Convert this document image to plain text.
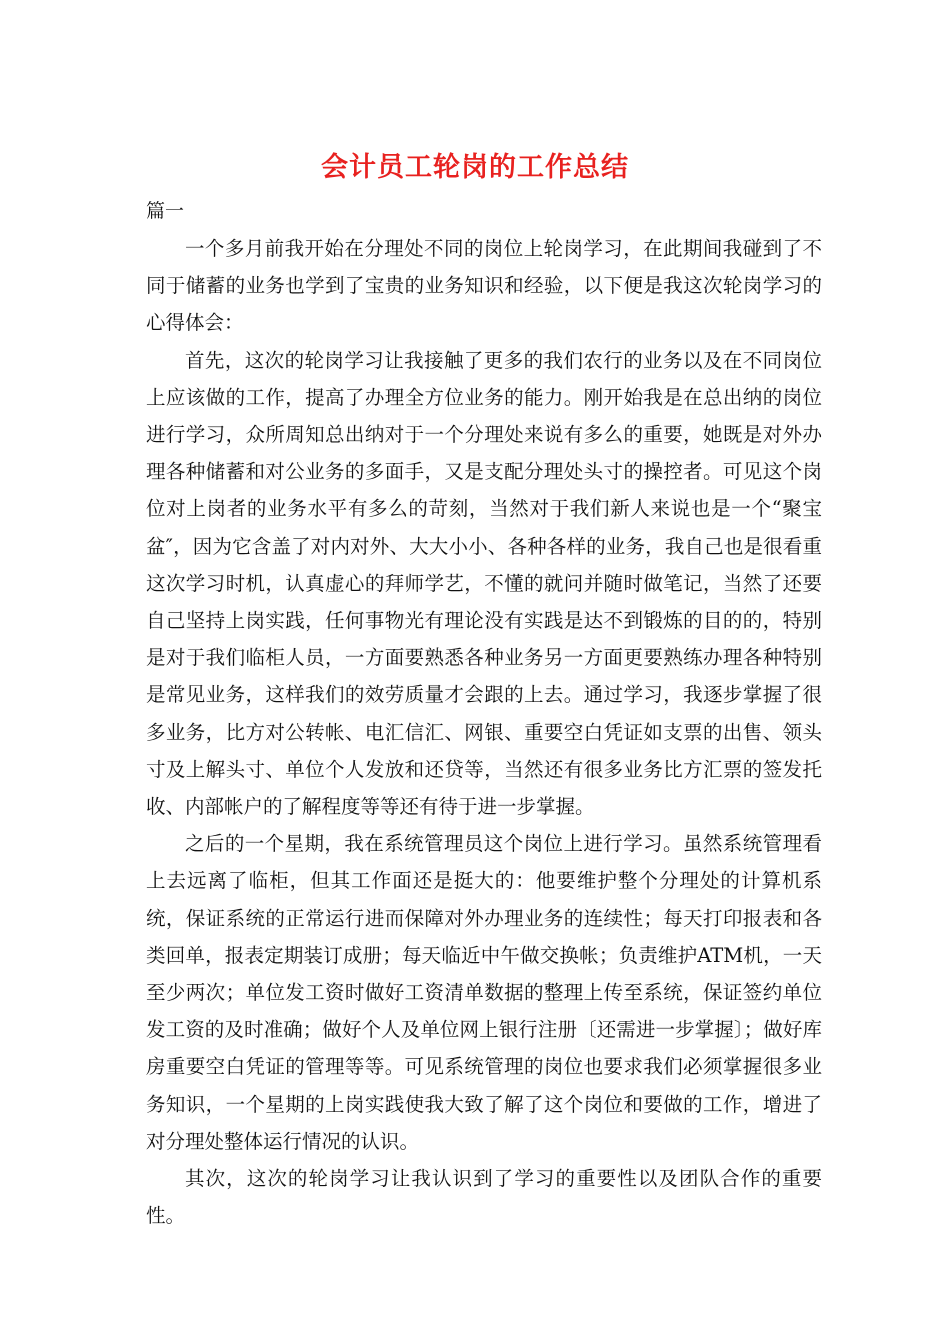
会计员工轮岗的工作总结
篇一

一个多月前我开始在分理处不同的岗位上轮岗学习，在此期间我碰到了不同于储蓄的业务也学到了宝贵的业务知识和经验，以下便是我这次轮岗学习的心得体会：

首先，这次的轮岗学习让我接触了更多的我们农行的业务以及在不同岗位上应该做的工作，提高了办理全方位业务的能力。刚开始我是在总出纳的岗位进行学习，众所周知总出纳对于一个分理处来说有多么的重要，她既是对外办理各种储蓄和对公业务的多面手，又是支配分理处头寸的操控者。可见这个岗位对上岗者的业务水平有多么的苛刻，当然对于我们新人来说也是一个“聚宝盆″，因为它含盖了对内对外、大大小小、各种各样的业务，我自己也是很看重这次学习时机，认真虚心的拜师学艺，不懂的就问并随时做笔记，当然了还要自己坚持上岗实践，任何事物光有理论没有实践是达不到锻炼的目的的，特别是对于我们临柜人员，一方面要熟悉各种业务另一方面更要熟练办理各种特别是常见业务，这样我们的效劳质量才会跟的上去。通过学习，我逐步掌握了很多业务，比方对公转帐、电汇信汇、网银、重要空白凭证如支票的出售、领头寸及上解头寸、单位个人发放和还贷等，当然还有很多业务比方汇票的签发托收、内部帐户的了解程度等等还有待于进一步掌握。

之后的一个星期，我在系统管理员这个岗位上进行学习。虽然系统管理看上去远离了临柜，但其工作面还是挺大的：他要维护整个分理处的计算机系统，保证系统的正常运行进而保障对外办理业务的连续性；每天打印报表和各类回单，报表定期装订成册；每天临近中午做交换帐；负责维护ATM机，一天至少两次；单位发工资时做好工资清单数据的整理上传至系统，保证签约单位发工资的及时准确；做好个人及单位网上银行注册〔还需进一步掌握〕；做好库房重要空白凭证的管理等等。可见系统管理的岗位也要求我们必须掌握很多业务知识，一个星期的上岗实践使我大致了解了这个岗位和要做的工作，增进了对分理处整体运行情况的认识。

其次，这次的轮岗学习让我认识到了学习的重要性以及团队合作的重要性。
